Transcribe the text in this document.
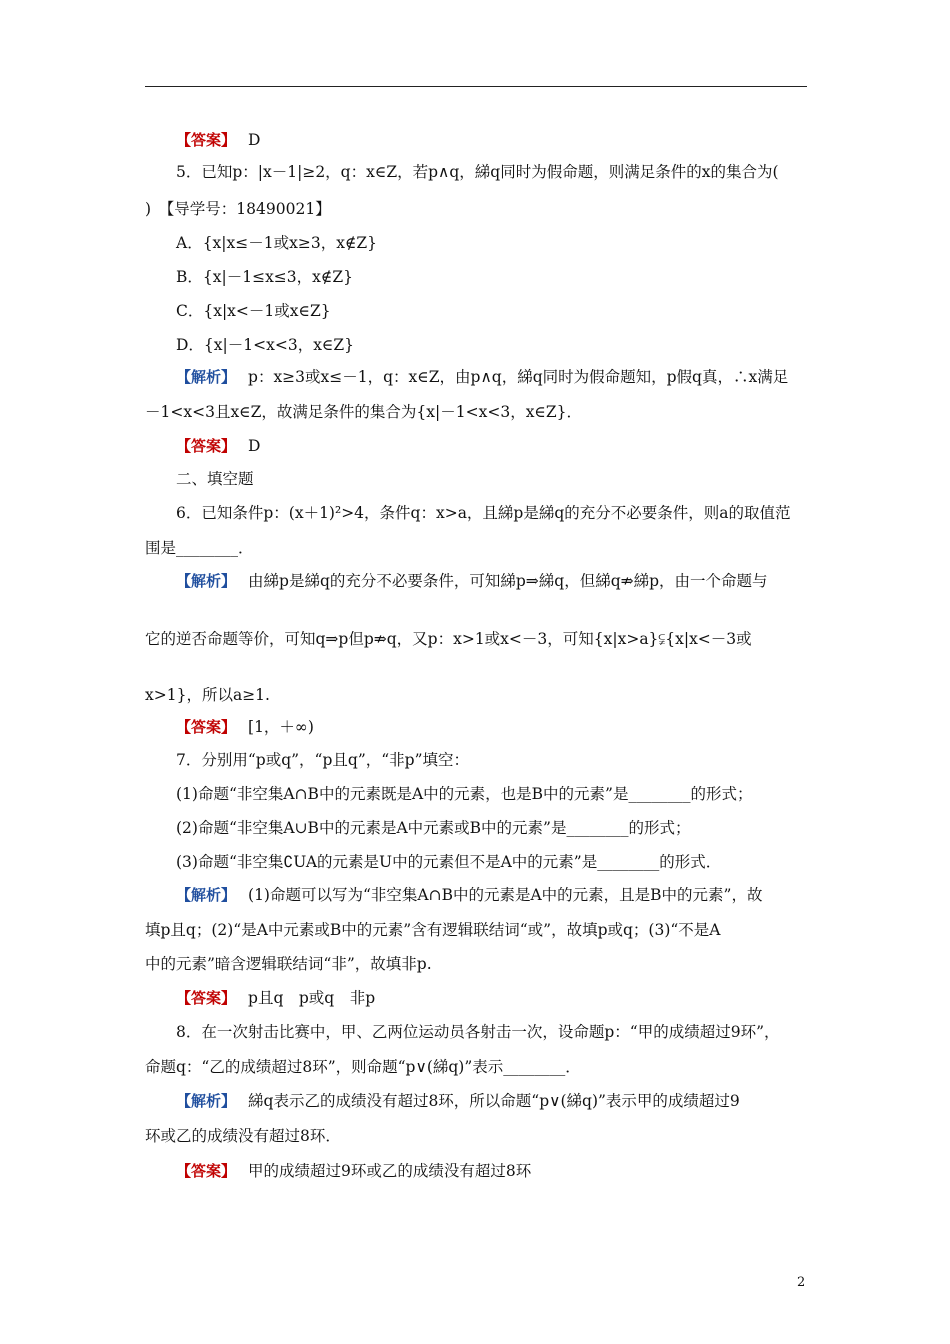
【答案】 D
5．已知p：|x－1|≥2，q：x∈Z，若p∧q，綈q同时为假命题，则满足条件的x的集合为(
)　【导学号：18490021】
A．{x|x≤－1或x≥3，x∉Z}
B．{x|－1≤x≤3，x∉Z}
C．{x|x<－1或x∈Z}
D．{x|－1<x<3，x∈Z}
【解析】 p：x≥3或x≤－1，q：x∈Z，由p∧q，綈q同时为假命题知，p假q真，∴x满足
－1<x<3且x∈Z，故满足条件的集合为{x|－1<x<3，x∈Z}．
【答案】 D
二、填空题
6．已知条件p：(x＋1)²>4，条件q：x>a，且綈p是綈q的充分不必要条件，则a的取值范
围是________．
【解析】 由綈p是綈q的充分不必要条件，可知綈p⇒綈q，但綈q⇏綈p，由一个命题与
它的逆否命题等价，可知q⇒p但p⇏q，又p：x>1或x<－3，可知{x|x>a}⫋{x|x<－3或
x>1}，所以a≥1.
【答案】 [1，＋∞)
7．分别用“p或q”，“p且q”，“非p”填空：
(1)命题“非空集A∩B中的元素既是A中的元素，也是B中的元素”是________的形式；
(2)命题“非空集A∪B中的元素是A中元素或B中的元素”是________的形式；
(3)命题“非空集∁UA的元素是U中的元素但不是A中的元素”是________的形式．
【解析】 (1)命题可以写为“非空集A∩B中的元素是A中的元素，且是B中的元素”，故
填p且q；(2)“是A中元素或B中的元素”含有逻辑联结词“或”，故填p或q；(3)“不是A
中的元素”暗含逻辑联结词“非”，故填非p.
【答案】 p且q　p或q　非p
8．在一次射击比赛中，甲、乙两位运动员各射击一次，设命题p：“甲的成绩超过9环”，
命题q：“乙的成绩超过8环”，则命题“p∨(綈q)”表示________．
【解析】 綈q表示乙的成绩没有超过8环，所以命题“p∨(綈q)”表示甲的成绩超过9
环或乙的成绩没有超过8环．
【答案】 甲的成绩超过9环或乙的成绩没有超过8环
2
